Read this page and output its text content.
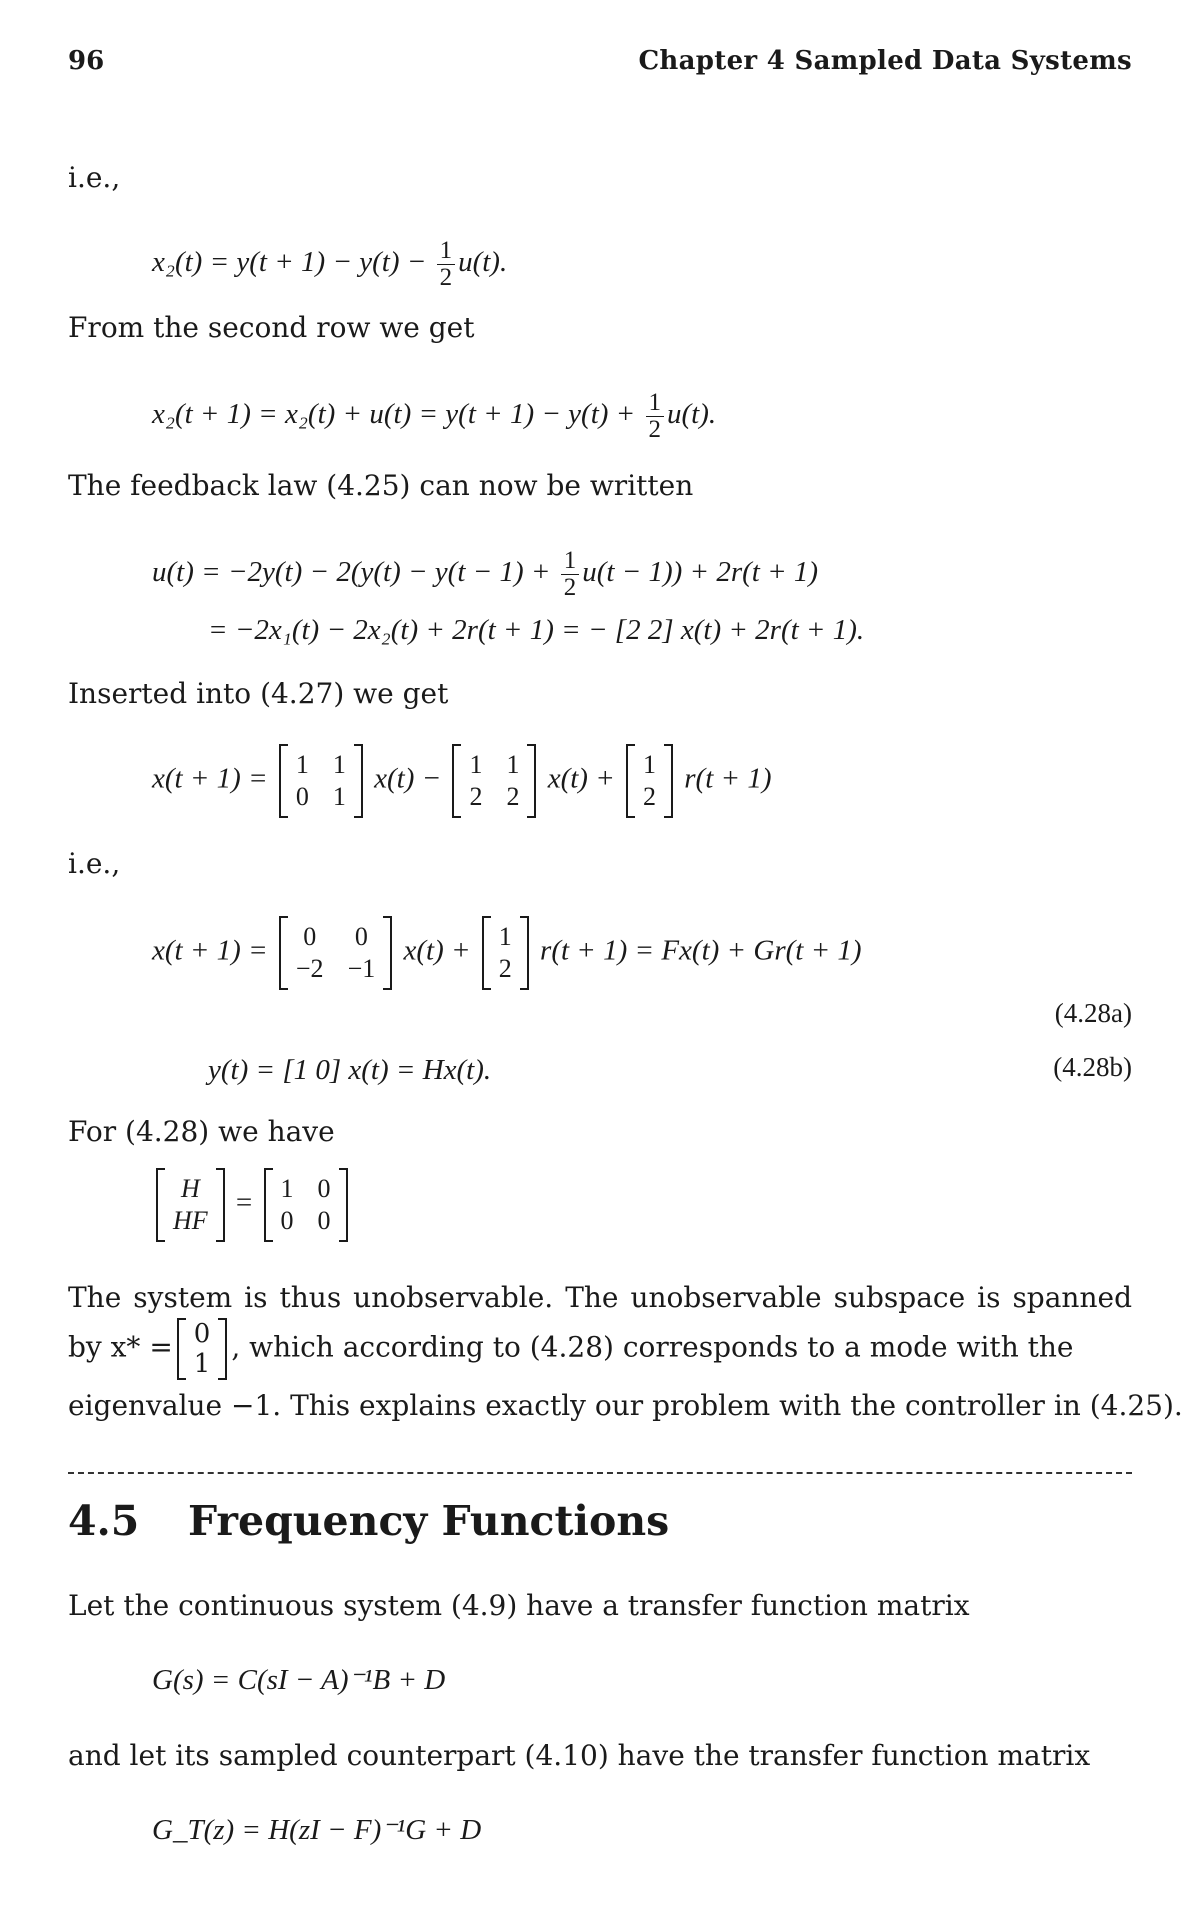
96	Chapter 4 Sampled Data Systems
i.e.,
$x_2(t) = y(t + 1) - y(t) - \frac{1}{2} u(t)$.
From the second row we get
$x_2(t + 1) = x_2(t) + u(t) = y(t + 1) - y(t) + \frac{1}{2} u(t)$.
The feedback law (4.25) can now be written
$u(t) = -2y(t) - 2(y(t) - y(t - 1) + \frac{1}{2} u(t - 1)) + 2r(t + 1)$
= −2x₁(t) − 2x₂(t) + 2r(t + 1) = − [2 2] x(t) + 2r(t + 1).
Inserted into (4.27) we get
x(t + 1) = 1 1
0 1
x(t) − 1 1
2 2
x(t) + 1
2
r(t + 1)
i.e.,
x(t + 1) = 0 0
−2 −1
x(t) + 1
2
r(t + 1) = Fx(t) + Gr(t + 1)
(4.28a)
y(t) = [1 0] x(t) = Hx(t).	(4.28b)
For (4.28) we have
H
HF
= 1 0
0 0
The system is thus unobservable. The unobservable subspace is spanned
by x* = 0
1
, which according to (4.28) corresponds to a mode with the
eigenvalue −1. This explains exactly our problem with the controller in (4.25).
4.5 Frequency Functions
Let the continuous system (4.9) have a transfer function matrix
G(s) = C(sI − A)⁻¹B + D
and let its sampled counterpart (4.10) have the transfer function matrix
G_T(z) = H(zI − F)⁻¹G + D
